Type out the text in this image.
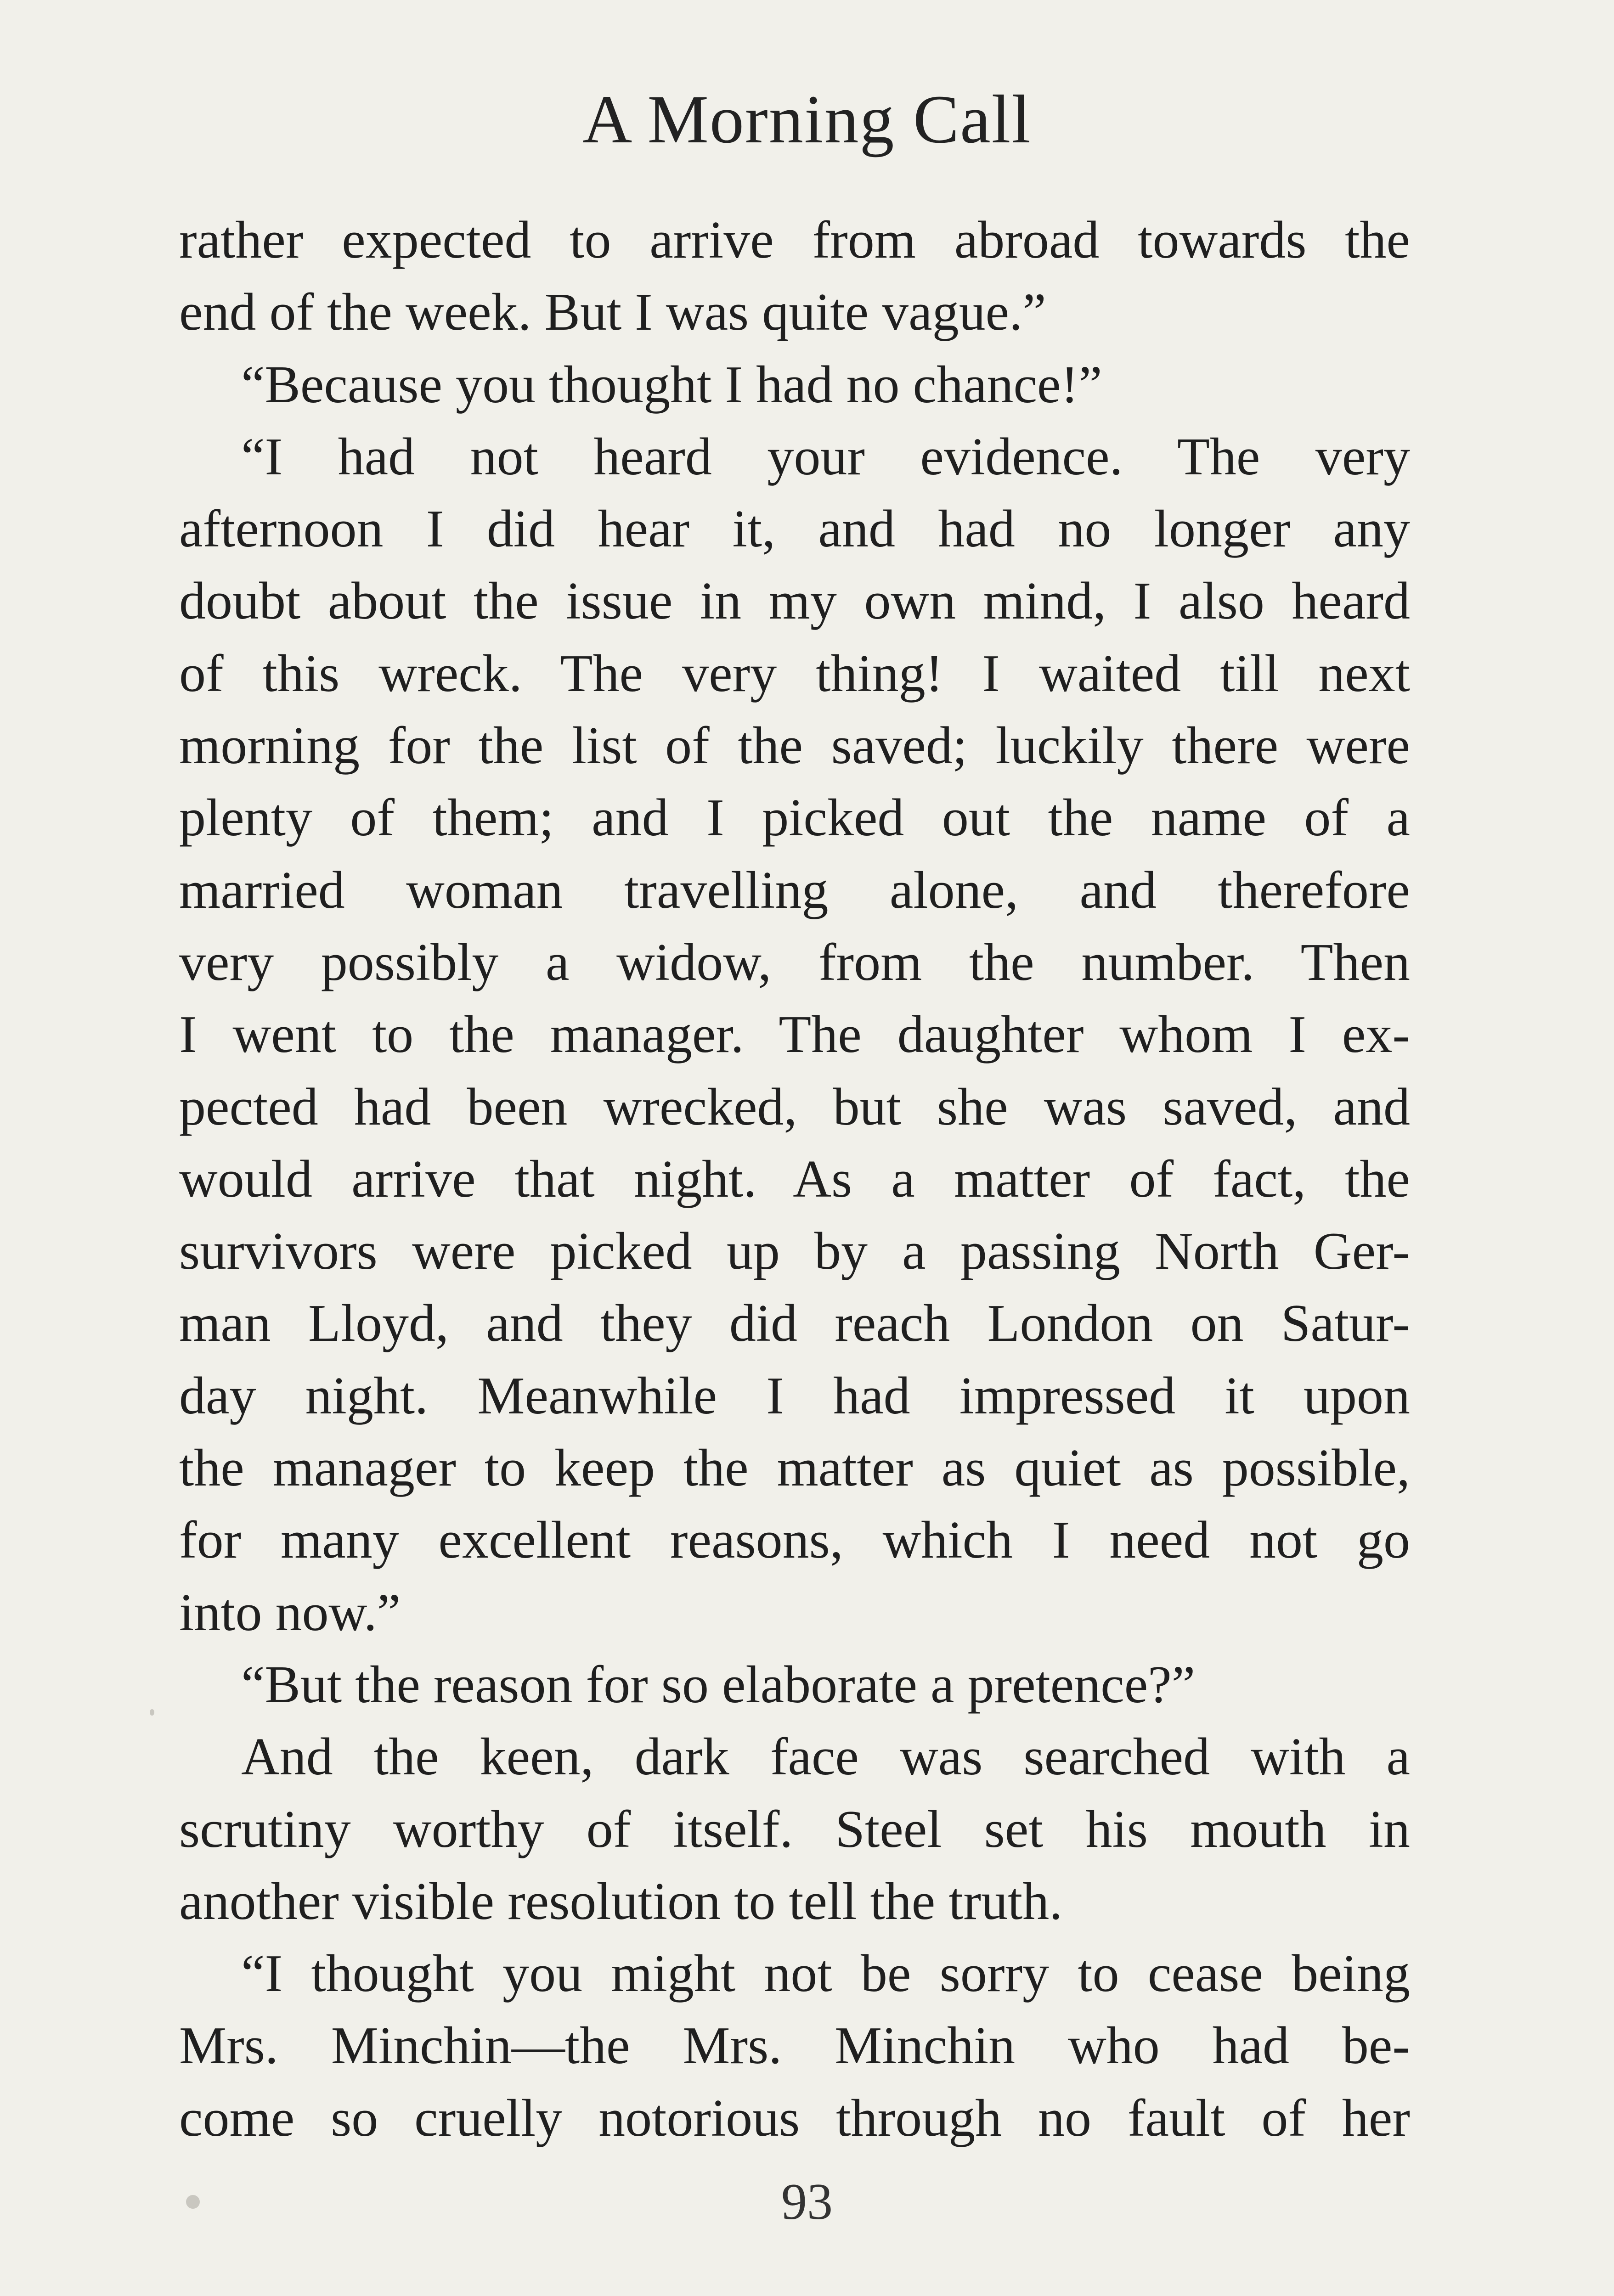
A Morning Call
rather expected to arrive from abroad towards the
end of the week. But I was quite vague.”
“Because you thought I had no chance!”
“I had not heard your evidence. The very
afternoon I did hear it, and had no longer any
doubt about the issue in my own mind, I also heard
of this wreck. The very thing! I waited till next
morning for the list of the saved; luckily there were
plenty of them; and I picked out the name of a
married woman travelling alone, and therefore
very possibly a widow, from the number. Then
I went to the manager. The daughter whom I ex-
pected had been wrecked, but she was saved, and
would arrive that night. As a matter of fact, the
survivors were picked up by a passing North Ger-
man Lloyd, and they did reach London on Satur-
day night. Meanwhile I had impressed it upon
the manager to keep the matter as quiet as possible,
for many excellent reasons, which I need not go
into now.”
“But the reason for so elaborate a pretence?”
And the keen, dark face was searched with a
scrutiny worthy of itself. Steel set his mouth in
another visible resolution to tell the truth.
“I thought you might not be sorry to cease being
Mrs. Minchin—the Mrs. Minchin who had be-
come so cruelly notorious through no fault of her
93
